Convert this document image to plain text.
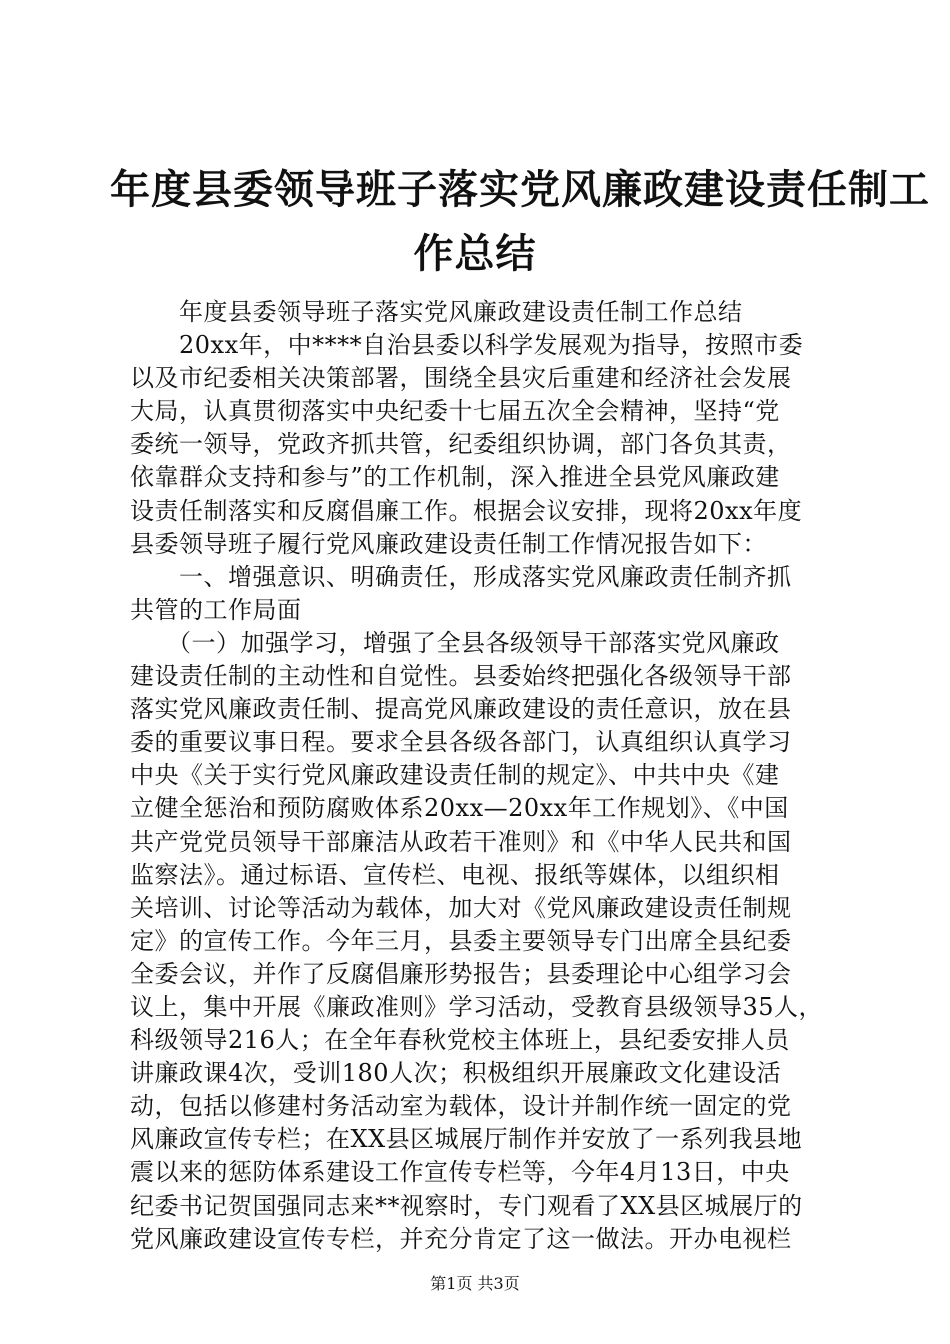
年度县委领导班子落实党风廉政建设责任制工
作总结
　　年度县委领导班子落实党风廉政建设责任制工作总结
　　20xx年，中****自治县委以科学发展观为指导，按照市委
以及市纪委相关决策部署，围绕全县灾后重建和经济社会发展
大局，认真贯彻落实中央纪委十七届五次全会精神，坚持“党
委统一领导，党政齐抓共管，纪委组织协调，部门各负其责，
依靠群众支持和参与”的工作机制，深入推进全县党风廉政建
设责任制落实和反腐倡廉工作。根据会议安排，现将20xx年度
县委领导班子履行党风廉政建设责任制工作情况报告如下：
　　一、增强意识、明确责任，形成落实党风廉政责任制齐抓
共管的工作局面
　　（一）加强学习，增强了全县各级领导干部落实党风廉政
建设责任制的主动性和自觉性。县委始终把强化各级领导干部
落实党风廉政责任制、提高党风廉政建设的责任意识，放在县
委的重要议事日程。要求全县各级各部门，认真组织认真学习
中央《关于实行党风廉政建设责任制的规定》、中共中央《建
立健全惩治和预防腐败体系20xx—20xx年工作规划》、《中国
共产党党员领导干部廉洁从政若干准则》和《中华人民共和国
监察法》。通过标语、宣传栏、电视、报纸等媒体，以组织相
关培训、讨论等活动为载体，加大对《党风廉政建设责任制规
定》的宣传工作。今年三月，县委主要领导专门出席全县纪委
全委会议，并作了反腐倡廉形势报告；县委理论中心组学习会
议上，集中开展《廉政准则》学习活动，受教育县级领导35人，
科级领导216人；在全年春秋党校主体班上，县纪委安排人员
讲廉政课4次，受训180人次；积极组织开展廉政文化建设活
动，包括以修建村务活动室为载体，设计并制作统一固定的党
风廉政宣传专栏；在XX县区城展厅制作并安放了一系列我县地
震以来的惩防体系建设工作宣传专栏等，今年4月13日，中央
纪委书记贺国强同志来**视察时，专门观看了XX县区城展厅的
党风廉政建设宣传专栏，并充分肯定了这一做法。开办电视栏
第1页 共3页
